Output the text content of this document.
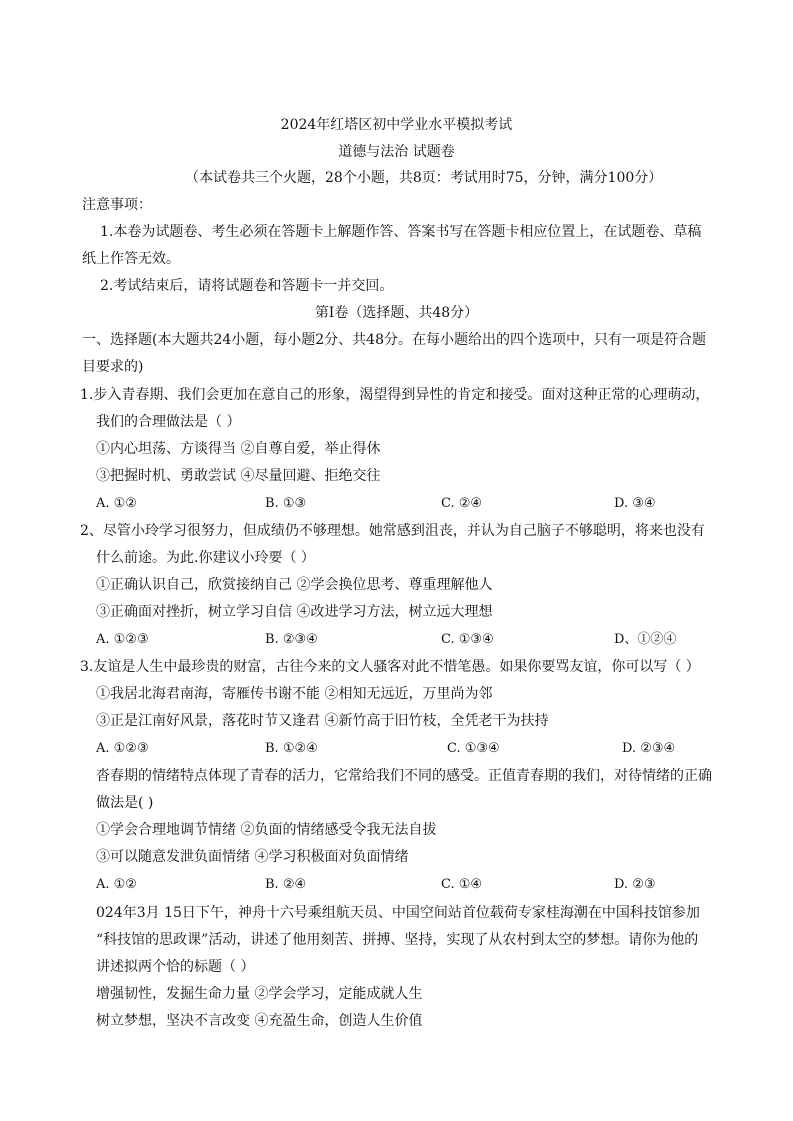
2024年红塔区初中学业水平模拟考试
道德与法治 试题卷
（本试卷共三个火题，28个小题，共8页：考试用时75，分钟，满分100分）
注意事项：
1.本卷为试题卷、考生必须在答题卡上解题作答、答案书写在答题卡相应位置上，在试题卷、草稿
纸上作答无效。
2.考试结束后，请将试题卷和答题卡一并交回。
第Ⅰ卷（选择题、共48分）
一、选择题(本大题共24小题，每小题2分、共48分。在每小题给出的四个选项中，只有一项是符合题
目要求的)
1.步入青春期、我们会更加在意自己的形象，渴望得到异性的肯定和接受。面对这种正常的心理萌动，
我们的合理做法是（ ）
①内心坦荡、方谈得当 ②自尊自爱，举止得休
③把握时机、勇敢尝试 ④尽量回避、拒绝交往
A. ①②	B. ①③	C. ②④	D. ③④
2、尽管小玲学习很努力，但成绩仍不够理想。她常感到沮丧，并认为自己脑子不够聪明，将来也没有
什么前途。为此.你建议小玲要（ ）
①正确认识自己，欣赏接纳自己 ②学会换位思考、尊重理解他人
③正确面对挫折，树立学习自信 ④改进学习方法，树立远大理想
A. ①②③	B. ②③④	C. ①③④	D、①②④
3.友谊是人生中最珍贵的财富，古往今来的文人骚客对此不惜笔愚。如果你要骂友谊，你可以写（ ）
①我居北海君南海，寄雁传书谢不能 ②相知无远近，万里尚为邻
③正是江南好风景，落花时节又逢君 ④新竹高于旧竹枝，全凭老干为扶持
A. ①②③	B. ①②④	C. ①③④	D. ②③④
沓春期的情绪特点体现了青春的活力，它常给我们不同的感受。正值青春期的我们，对待情绪的正确
做法是( )
①学会合理地调节情绪 ②负面的情绪感受令我无法自拔
③可以随意发泄负面情绪 ④学习积极面对负面情绪
A. ①②	B. ②④	C. ①④	D. ②③
024年3月 15日下午，神舟十六号乘组航天员、中国空间站首位载荷专家桂海潮在中国科技馆参加
“科技馆的思政课”活动，讲述了他用刻苦、拼搏、坚持，实现了从农村到太空的梦想。请你为他的
讲述拟两个恰的标题（ ）
增强韧性，发掘生命力量 ②学会学习，定能成就人生
树立梦想，坚决不言改变 ④充盈生命，创造人生价值
